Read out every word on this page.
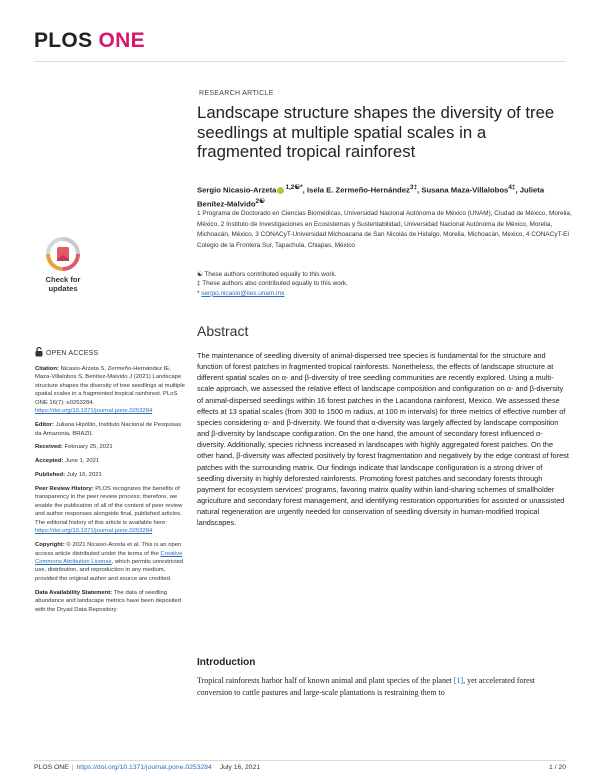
PLOS ONE
RESEARCH ARTICLE
Landscape structure shapes the diversity of tree seedlings at multiple spatial scales in a fragmented tropical rainforest
Sergio Nicasio-Arzeta $^{1,2☯*}$, Isela E. Zermeño-Hernández$^{3\ddagger}$, Susana Maza-Villalobos$^{4\ddagger}$, Julieta Benítez-Malvido$^{2☯}$
1 Programa de Doctorado en Ciencias Biomédicas, Universidad Nacional Autónoma de México (UNAM), Ciudad de México, Morelia, México, 2 Instituto de Investigaciones en Ecosistemas y Sustentabilidad, Universidad Nacional Autónoma de México, Morelia, Michoacán, México, 3 CONACyT-Universidad Michoacana de San Nicolás de Hidalgo, Morelia, Michoacán, Mexico, 4 CONACyT-El Colegio de la Frontera Sur, Tapachula, Chiapas, México
☯ These authors contributed equally to this work.
‡ These authors also contributed equally to this work.
* sergio.nicasio@iies.unam.mx
Check for
updates
OPEN ACCESS

Citation: Nicasio-Arzeta S, Zermeño-Hernández IE, Maza-Villalobos S, Benítez-Malvido J (2021) Landscape structure shapes the diversity of tree seedlings at multiple spatial scales in a fragmented tropical rainforest. PLoS ONE 16(7): e0253284. https://doi.org/10.1371/journal.pone.0253284

Editor: Juliana Hipólito, Instituto Nacional de Pesquisas da Amazonia, BRAZIL

Received: February 25, 2021

Accepted: June 1, 2021

Published: July 16, 2021

Peer Review History: PLOS recognizes the benefits of transparency in the peer review process; therefore, we enable the publication of all of the content of peer review and author responses alongside final, published articles. The editorial history of this article is available here: https://doi.org/10.1371/journal.pone.0253284

Copyright: © 2021 Nicasio-Arzeta et al. This is an open access article distributed under the terms of the Creative Commons Attribution License, which permits unrestricted use, distribution, and reproduction in any medium, provided the original author and source are credited.

Data Availability Statement: The data of seedling abundance and landscape metrics have been deposited with the Dryad Data Repository

Abstract
The maintenance of seedling diversity of animal-dispersed tree species is fundamental for the structure and function of forest patches in fragmented tropical rainforests. Nonetheless, the effects of landscape structure at different spatial scales on α- and β-diversity of tree seedling communities are recently explored. Using a multi-scale approach, we assessed the relative effect of landscape composition and configuration on α- and β-diversity of animal-dispersed seedlings within 16 forest patches in the Lacandona rainforest, Mexico. We assessed these effects at 13 spatial scales (from 300 to 1500 m radius, at 100 m intervals) for three metrics of effective number of species considering α- and β-diversity. We found that α-diversity was largely affected by landscape composition and β-diversity by landscape configuration. On the one hand, the amount of secondary forest influenced α-diversity. Additionally, species richness increased in landscapes with highly aggregated forest patches. On the other hand, β-diversity was affected positively by forest fragmentation and negatively by the edge contrast of forest patches with the surrounding matrix. Our findings indicate that landscape configuration is a strong driver of seedling diversity in highly deforested rainforests. Promoting forest patches and secondary forests through payment for ecosystem services' programs, favoring matrix quality within land-sharing schemes of smallholder agriculture and secondary forest management, and identifying restoration opportunities for assisted or unassisted natural regeneration are urgently needed for conservation of seedling diversity in human-modified tropical landscapes.
Introduction
Tropical rainforests harbor half of known animal and plant species of the planet [1], yet accelerated forest conversion to cattle pastures and large-scale plantations is restraining them to
PLOS ONE | https://doi.org/10.1371/journal.pone.0253284 July 16, 2021	1 / 20
